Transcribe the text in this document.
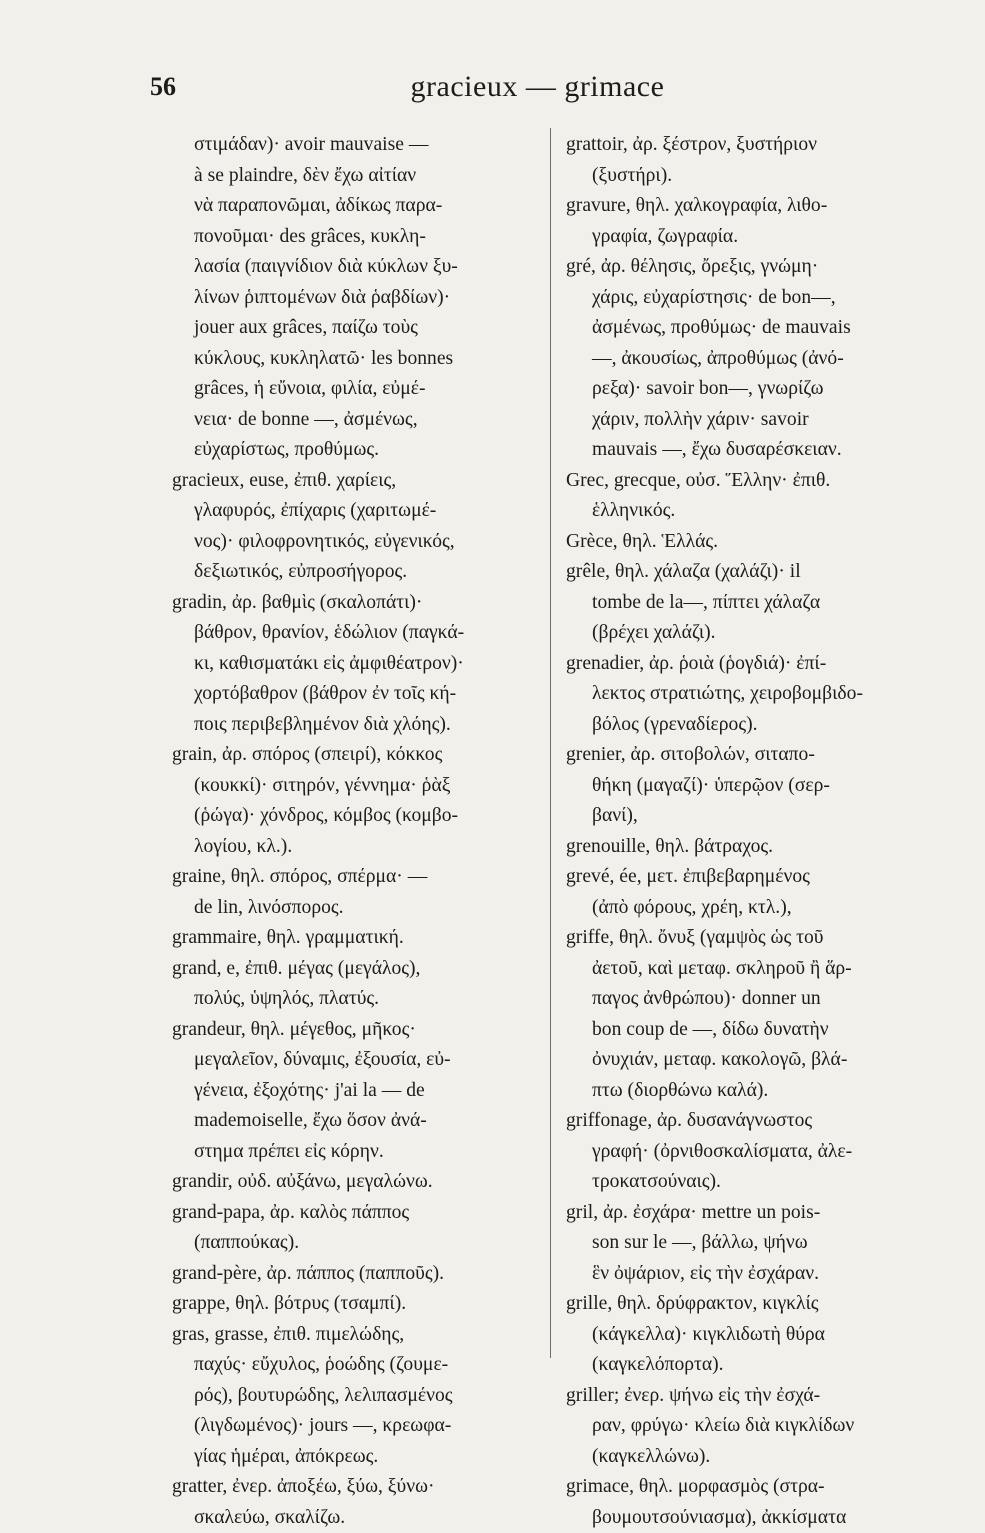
56	gracieux — grimace
στιμάδαν)· avoir mauvaise —
à se plaindre, δὲν ἔχω αἰτίαν
νὰ παραπονῶμαι, ἀδίκως παρα-
πονοῦμαι· des grâces, κυκλη-
λασία (παιγνίδιον διὰ κύκλων ξυ-
λίνων ῥιπτομένων διὰ ῥαβδίων)·
jouer aux grâces, παίζω τοὺς
κύκλους, κυκληλατῶ· les bonnes
grâces, ἡ εὔνοια, φιλία, εὐμέ-
νεια· de bonne —, ἀσμένως,
εὐχαρίστως, προθύμως.
gracieux, euse, ἐπιθ. χαρίεις,
γλαφυρός, ἐπίχαρις (χαριτωμέ-
νος)· φιλοφρονητικός, εὐγενικός,
δεξιωτικός, εὐπροσήγορος.
gradin, ἀρ. βαθμὶς (σκαλοπάτι)·
βάθρον, θρανίον, ἑδώλιον (παγκά-
κι, καθισματάκι εἰς ἀμφιθέατρον)·
χορτόβαθρον (βάθρον ἐν τοῖς κή-
ποις περιβεβλημένον διὰ χλόης).
grain, ἀρ. σπόρος (σπειρί), κόκκος
(κουκκί)· σιτηρόν, γέννημα· ῥὰξ
(ῥώγα)· χόνδρος, κόμβος (κομβο-
λογίου, κλ.).
graine, θηλ. σπόρος, σπέρμα· —
de lin, λινόσπορος.
grammaire, θηλ. γραμματική.
grand, e, ἐπιθ. μέγας (μεγάλος),
πολύς, ὑψηλός, πλατύς.
grandeur, θηλ. μέγεθος, μῆκος·
μεγαλεῖον, δύναμις, ἐξουσία, εὐ-
γένεια, ἐξοχότης· j'ai la — de
mademoiselle, ἔχω ὅσον ἀνά-
στημα πρέπει εἰς κόρην.
grandir, οὐδ. αὐξάνω, μεγαλώνω.
grand-papa, ἀρ. καλὸς πάππος
(παππούκας).
grand-père, ἀρ. πάππος (παπποῦς).
grappe, θηλ. βότρυς (τσαμπί).
gras, grasse, ἐπιθ. πιμελώδης,
παχύς· εὔχυλος, ῥοώδης (ζουμε-
ρός), βουτυρώδης, λελιπασμένος
(λιγδωμένος)· jours —, κρεωφα-
γίας ἡμέραι, ἀπόκρεως.
gratter, ἐνερ. ἀποξέω, ξύω, ξύνω·
σκαλεύω, σκαλίζω.
grattoir, ἀρ. ξέστρον, ξυστήριον
(ξυστήρι).
gravure, θηλ. χαλκογραφία, λιθο-
γραφία, ζωγραφία.
gré, ἀρ. θέλησις, ὄρεξις, γνώμη·
χάρις, εὐχαρίστησις· de bon—,
ἀσμένως, προθύμως· de mauvais
—, ἀκουσίως, ἀπροθύμως (ἀνό-
ρεξα)· savoir bon—, γνωρίζω
χάριν, πολλὴν χάριν· savoir
mauvais —, ἔχω δυσαρέσκειαν.
Grec, grecque, οὐσ. Ἕλλην· ἐπιθ.
ἑλληνικός.
Grèce, θηλ. Ἑλλάς.
grêle, θηλ. χάλαζα (χαλάζι)· il
tombe de la—, πίπτει χάλαζα
(βρέχει χαλάζι).
grenadier, ἀρ. ῥοιὰ (ῥογδιά)· ἐπί-
λεκτος στρατιώτης, χειροβομβιδο-
βόλος (γρεναδίερος).
grenier, ἀρ. σιτοβολών, σιταπο-
θήκη (μαγαζί)· ὑπερῷον (σερ-
βανί),
grenouille, θηλ. βάτραχος.
grevé, ée, μετ. ἐπιβεβαρημένος
(ἀπὸ φόρους, χρέη, κτλ.),
griffe, θηλ. ὄνυξ (γαμψὸς ὡς τοῦ
ἀετοῦ, καὶ μεταφ. σκληροῦ ἢ ἅρ-
παγος ἀνθρώπου)· donner un
bon coup de —, δίδω δυνατὴν
ὀνυχιάν, μεταφ. κακολογῶ, βλά-
πτω (διορθώνω καλά).
griffonage, ἀρ. δυσανάγνωστος
γραφή· (ὀρνιθοσκαλίσματα, ἀλε-
τροκατσούναις).
gril, ἀρ. ἐσχάρα· mettre un pois-
son sur le —, βάλλω, ψήνω
ἓν ὀψάριον, εἰς τὴν ἐσχάραν.
grille, θηλ. δρύφρακτον, κιγκλίς
(κάγκελλα)· κιγκλιδωτὴ θύρα
(καγκελόπορτα).
griller; ἐνερ. ψήνω εἰς τὴν ἐσχά-
ραν, φρύγω· κλείω διὰ κιγκλίδων
(καγκελλώνω).
grimace, θηλ. μορφασμὸς (στρα-
βουμουτσούνιασμα), ἀκκίσματα
